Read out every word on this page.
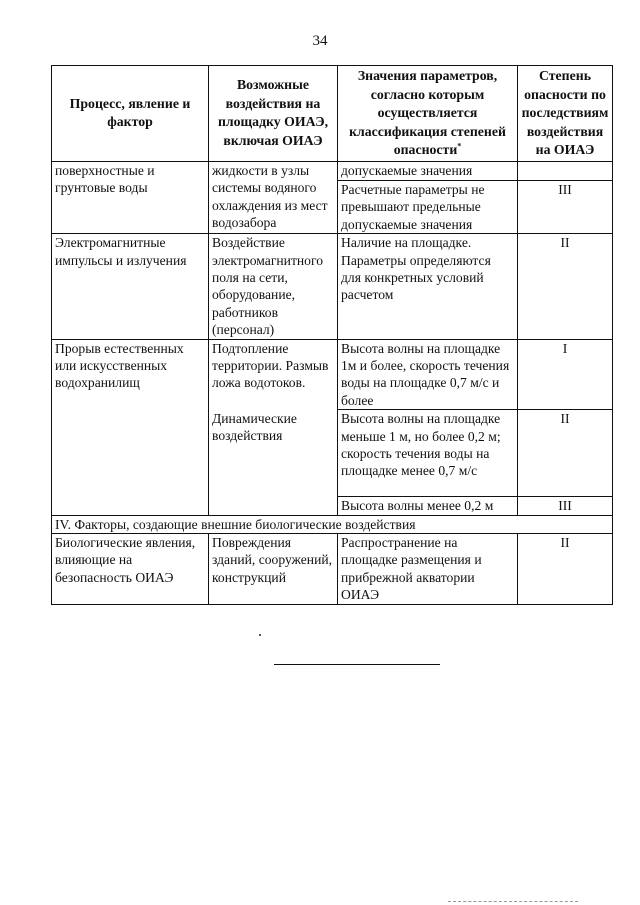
34
Процесс, явление и фактор	Возможные воздействия на площадку ОИАЭ, включая ОИАЭ	Значения параметров, согласно которым осуществляется классификация степеней опасности*	Степень опасности по последствиям воздействия на ОИАЭ
поверхностные и грунтовые воды	жидкости в узлы системы водяного охлаждения из мест водозабора	допускаемые значения	
		Расчетные параметры не превышают предельные допускаемые значения	III
Электромагнитные импульсы и излучения	Воздействие электромагнитного поля на сети, оборудование, работников (персонал)	Наличие на площадке. Параметры определяются для конкретных условий расчетом	II
Прорыв естественных или искусственных водохранилищ	Подтопление территории. Размыв ложа водотоков.	Высота волны на площадке 1м и более, скорость течения воды на площадке 0,7 м/с и более	I
	Динамические воздействия	Высота волны на площадке меньше 1 м, но более 0,2 м; скорость течения воды на площадке менее 0,7 м/с	II
		Высота волны менее 0,2 м	III
IV. Факторы, создающие внешние биологические воздействия			
Биологические явления, влияющие на безопасность ОИАЭ	Повреждения зданий, сооружений, конструкций	Распространение на площадке размещения и прибрежной акватории ОИАЭ	II
